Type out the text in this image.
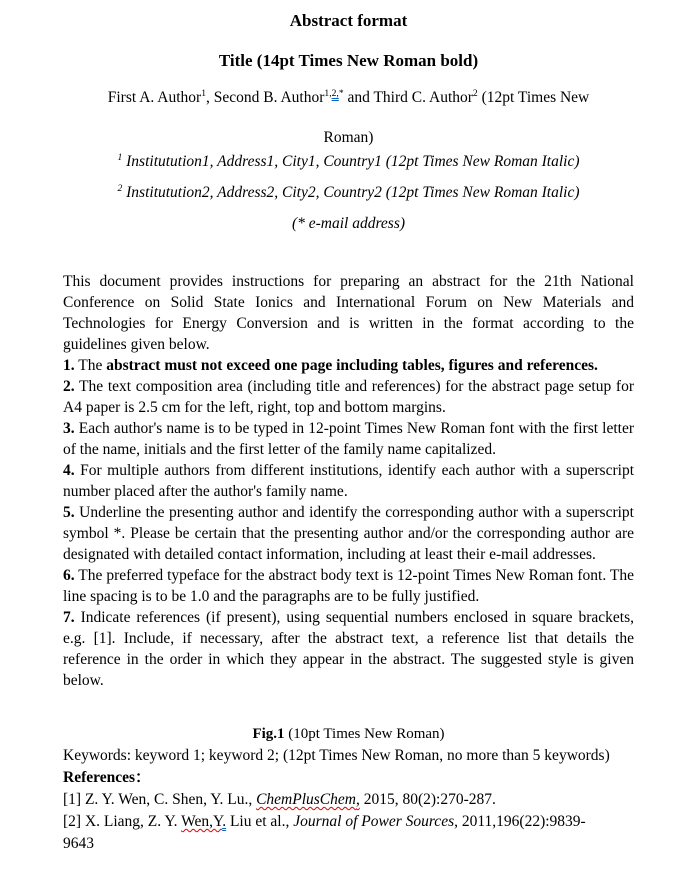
Abstract format
Title (14pt Times New Roman bold)
First A. Author$^1$, Second B. Author$^{1,2,*}$ and Third C. Author$^2$ (12pt Times New
Roman)
$^1$ Institutution1, Address1, City1, Country1 (12pt Times New Roman Italic)
$^2$ Institutution2, Address2, City2, Country2 (12pt Times New Roman Italic)
(* e-mail address)

This document provides instructions for preparing an abstract for the 21th National Conference on Solid State Ionics and International Forum on New Materials and Technologies for Energy Conversion and is written in the format according to the guidelines given below.

1. The abstract must not exceed one page including tables, figures and references.

2. The text composition area (including title and references) for the abstract page setup for A4 paper is 2.5 cm for the left, right, top and bottom margins.

3. Each author's name is to be typed in 12-point Times New Roman font with the first letter of the name, initials and the first letter of the family name capitalized.

4. For multiple authors from different institutions, identify each author with a superscript number placed after the author's family name.

5. Underline the presenting author and identify the corresponding author with a superscript symbol *. Please be certain that the presenting author and/or the corresponding author are designated with detailed contact information, including at least their e-mail addresses.

6. The preferred typeface for the abstract body text is 12-point Times New Roman font. The line spacing is to be 1.0 and the paragraphs are to be fully justified.

7. Indicate references (if present), using sequential numbers enclosed in square brackets, e.g. [1]. Include, if necessary, after the abstract text, a reference list that details the reference in the order in which they appear in the abstract. The suggested style is given below.

Fig.1 (10pt Times New Roman)
Keywords: keyword 1; keyword 2; (12pt Times New Roman, no more than 5 keywords)
References：
[1] Z. Y. Wen, C. Shen, Y. Lu., ChemPlusChem, 2015, 80(2):270-287.
[2] X. Liang, Z. Y. Wen,Y. Liu et al., Journal of Power Sources, 2011,196(22):9839-
9643
